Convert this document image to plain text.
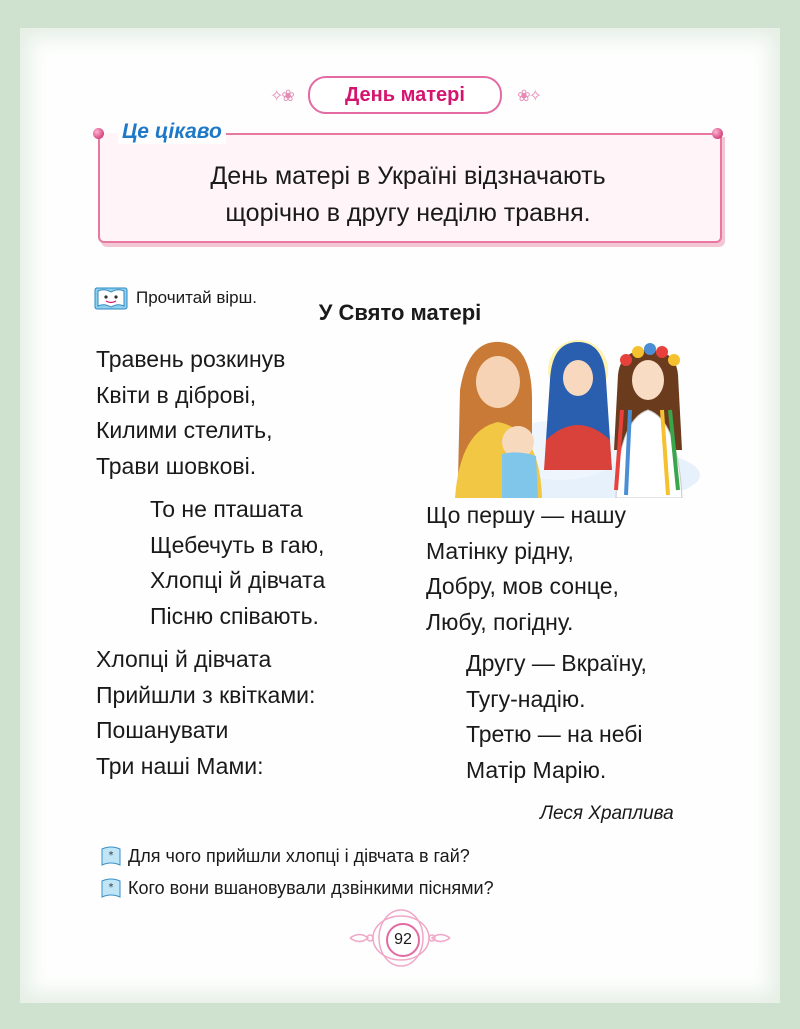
✧❀	День матері	❀✧
Це цікаво
День матері в Україні відзначають
щорічно в другу неділю травня.
Прочитай вірш.
У Свято матері
Травень розкинув
Квіти в діброві,
Килими стелить,
Трави шовкові.
То не пташата
Щебечуть в гаю,
Хлопці й дівчата
Пісню співають.
Хлопці й дівчата
Прийшли з квітками:
Пошанувати
Три наші Мами:
Що першу — нашу
Матінку рідну,
Добру, мов сонце,
Любу, погідну.
Другу — Вкраїну,
Тугу-надію.
Третю — на небі
Матір Марію.
Леся Храплива
* Для чого прийшли хлопці і дівчата в гай?
* Кого вони вшановували дзвінкими піснями?
92
